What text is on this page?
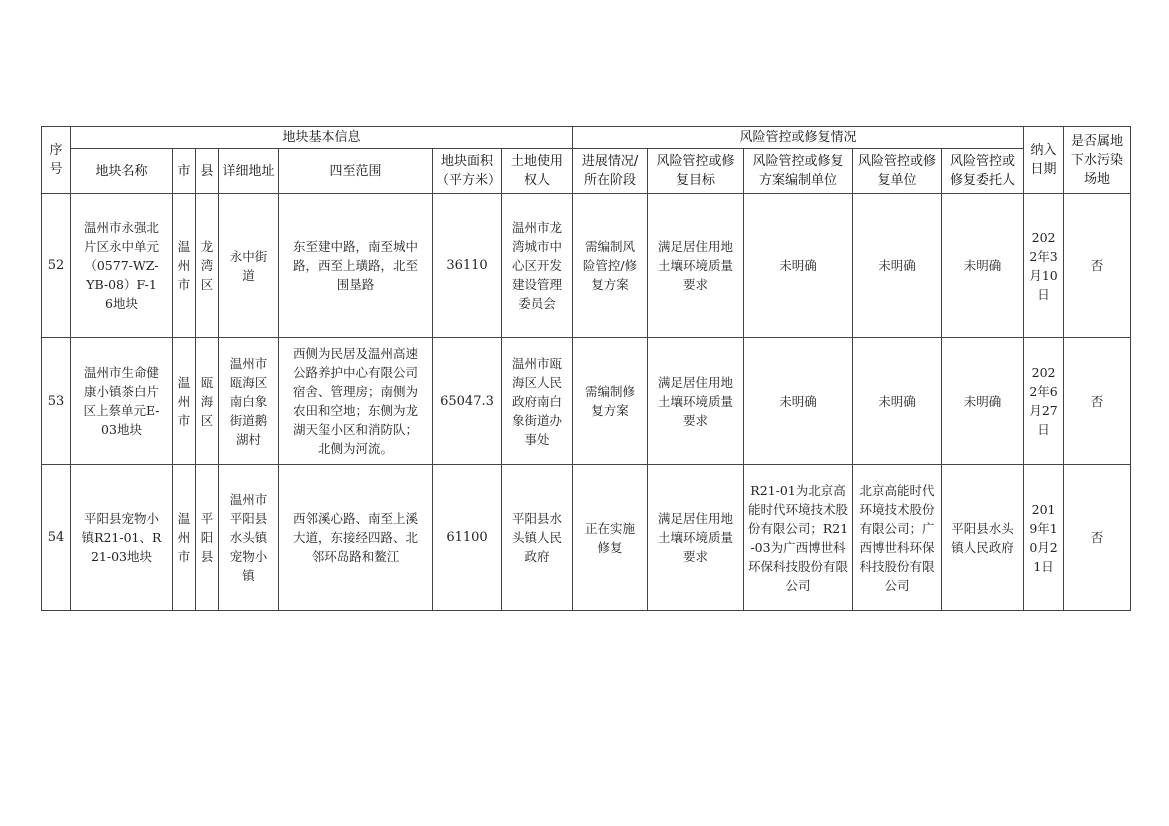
序号	地块基本信息							风险管控或修复情况					纳入日期	是否属地下水污染场地
	地块名称	市	县	详细地址	四至范围	地块面积（平方米）	土地使用权人	进展情况/所在阶段	风险管控或修复目标	风险管控或修复方案编制单位	风险管控或修复单位	风险管控或修复委托人		
52	温州市永强北片区永中单元（0577-WZ-YB-08）F-16地块	温州市	龙湾区	永中街道	东至建中路，南至城中路，西至上璜路，北至围垦路	36110	温州市龙湾城市中心区开发建设管理委员会	需编制风险管控/修复方案	满足居住用地土壤环境质量要求	未明确	未明确	未明确	2022年3月10日	否
53	温州市生命健康小镇茶白片区上蔡单元E-03地块	温州市	瓯海区	温州市瓯海区南白象街道鹅湖村	西侧为民居及温州高速公路养护中心有限公司宿舍、管理房；南侧为农田和空地；东侧为龙湖天玺小区和消防队；北侧为河流。	65047.3	温州市瓯海区人民政府南白象街道办事处	需编制修复方案	满足居住用地土壤环境质量要求	未明确	未明确	未明确	2022年6月27日	否
54	平阳县宠物小镇R21-01、R21-03地块	温州市	平阳县	温州市平阳县水头镇宠物小镇	西邻溪心路、南至上溪大道，东接经四路、北邻环岛路和鳌江	61100	平阳县水头镇人民政府	正在实施修复	满足居住用地土壤环境质量要求	R21-01为北京高能时代环境技术股份有限公司；R21-03为广西博世科环保科技股份有限公司	北京高能时代环境技术股份有限公司；广西博世科环保科技股份有限公司	平阳县水头镇人民政府	2019年10月21日	否
